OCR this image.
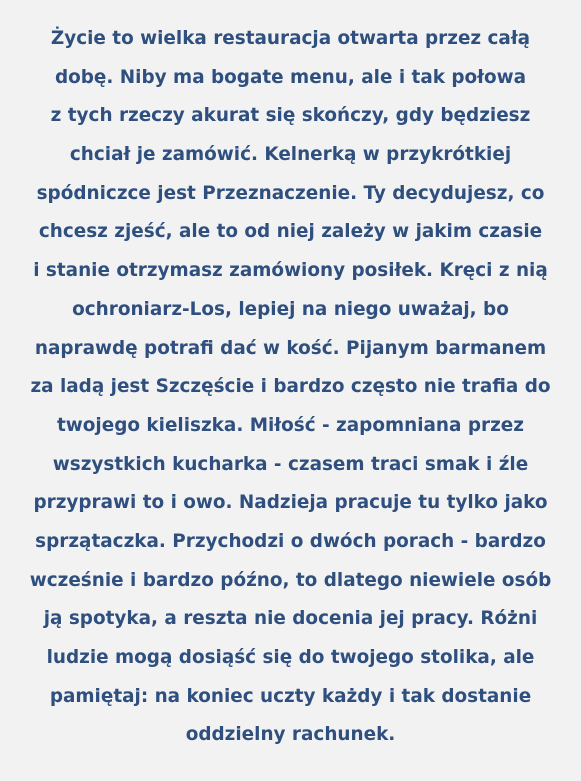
Życie to wielka restauracja otwarta przez całą
dobę. Niby ma bogate menu, ale i tak połowa
z tych rzeczy akurat się skończy, gdy będziesz
chciał je zamówić. Kelnerką w przykrótkiej
spódniczce jest Przeznaczenie. Ty decydujesz, co
chcesz zjeść, ale to od niej zależy w jakim czasie
i stanie otrzymasz zamówiony posiłek. Kręci z nią
ochroniarz-Los, lepiej na niego uważaj, bo
naprawdę potrafi dać w kość. Pijanym barmanem
za ladą jest Szczęście i bardzo często nie trafia do
twojego kieliszka. Miłość - zapomniana przez
wszystkich kucharka - czasem traci smak i źle
przyprawi to i owo. Nadzieja pracuje tu tylko jako
sprzątaczka. Przychodzi o dwóch porach - bardzo
wcześnie i bardzo późno, to dlatego niewiele osób
ją spotyka, a reszta nie docenia jej pracy. Różni
ludzie mogą dosiąść się do twojego stolika, ale
pamiętaj: na koniec uczty każdy i tak dostanie
oddzielny rachunek.
